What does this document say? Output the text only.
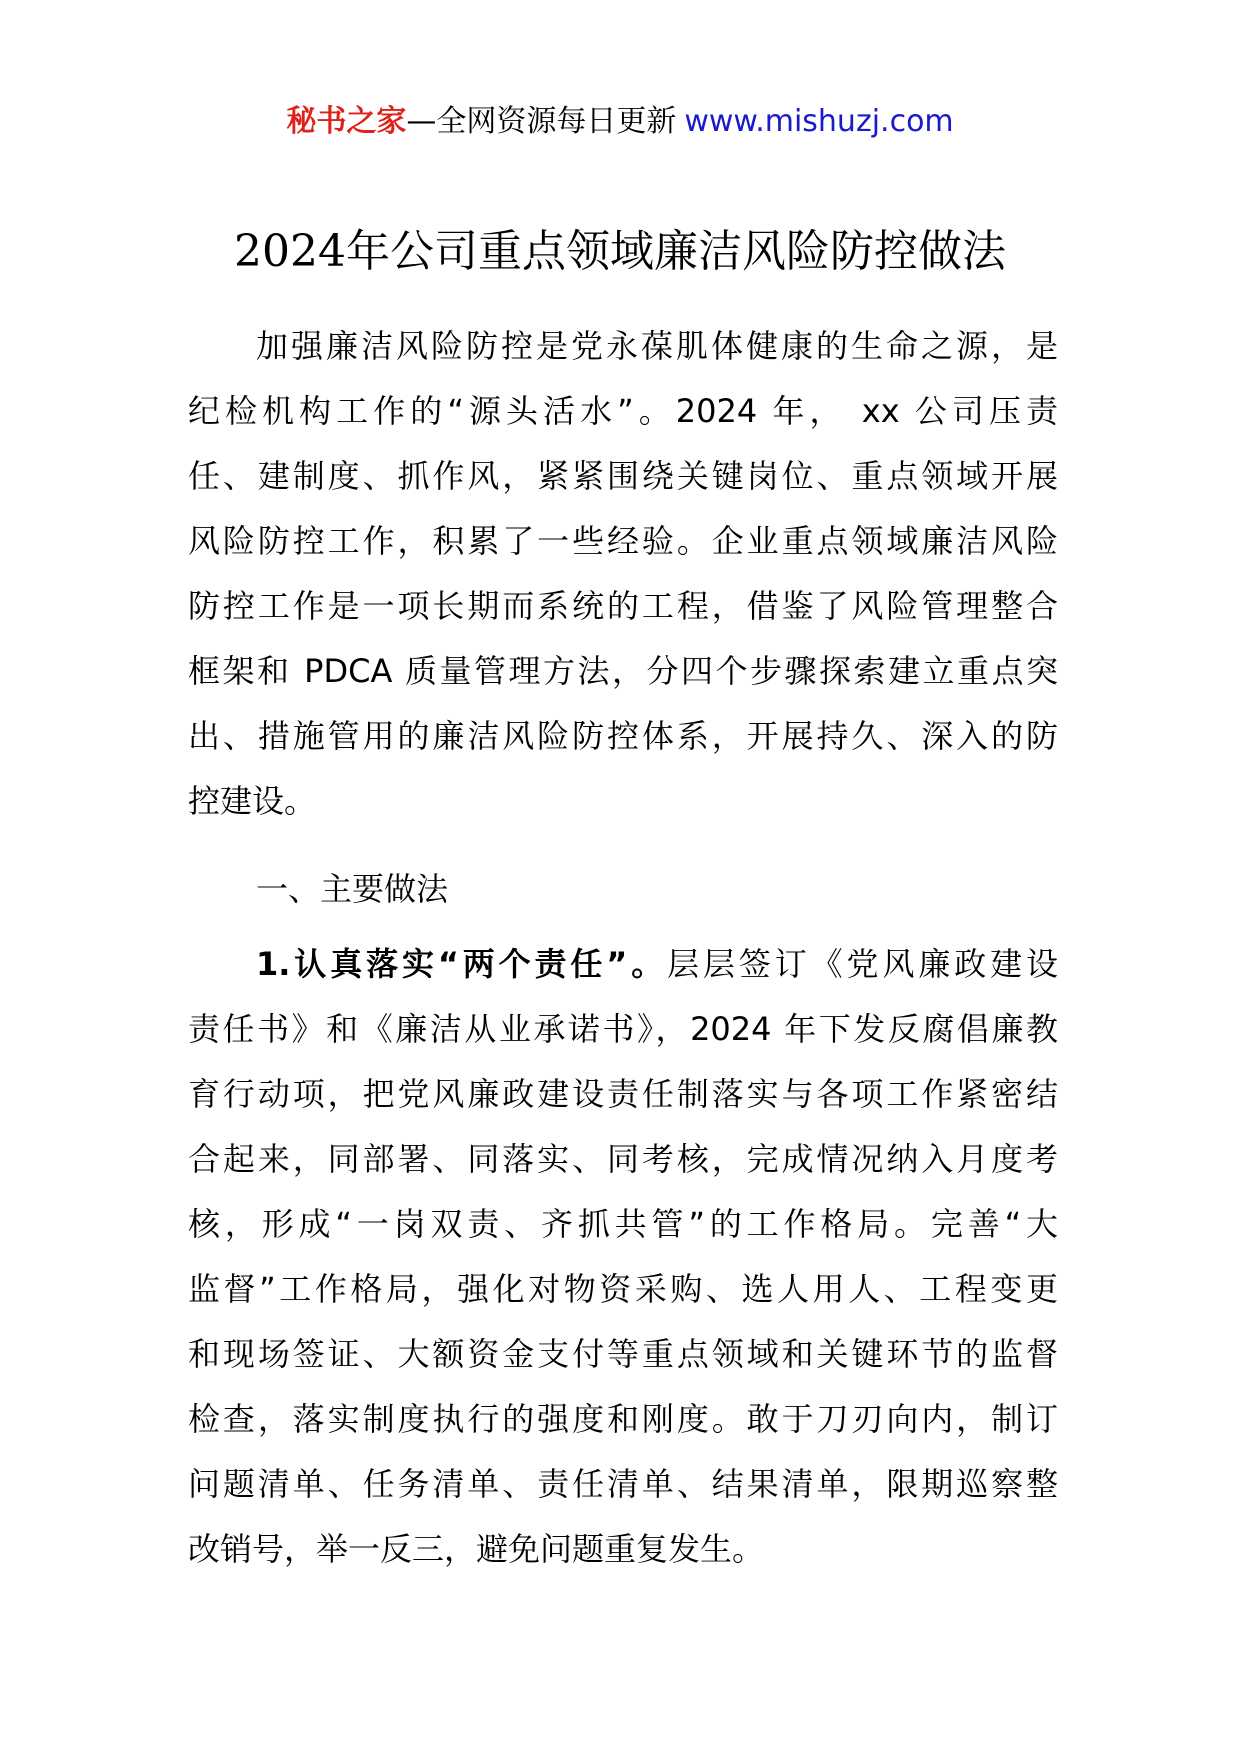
秘书之家—全网资源每日更新 www.mishuzj.com
2024年公司重点领域廉洁风险防控做法
加强廉洁风险防控是党永葆肌体健康的生命之源，是
纪检机构工作的“源头活水”。2024 年， xx 公司压责
任、建制度、抓作风，紧紧围绕关键岗位、重点领域开展
风险防控工作，积累了一些经验。企业重点领域廉洁风险
防控工作是一项长期而系统的工程，借鉴了风险管理整合
框架和 PDCA 质量管理方法，分四个步骤探索建立重点突
出、措施管用的廉洁风险防控体系，开展持久、深入的防
控建设。
一、主要做法
1.认真落实“两个责任”。层层签订《党风廉政建设
责任书》和《廉洁从业承诺书》，2024 年下发反腐倡廉教
育行动项，把党风廉政建设责任制落实与各项工作紧密结
合起来，同部署、同落实、同考核，完成情况纳入月度考
核，形成“一岗双责、齐抓共管”的工作格局。完善“大
监督”工作格局，强化对物资采购、选人用人、工程变更
和现场签证、大额资金支付等重点领域和关键环节的监督
检查，落实制度执行的强度和刚度。敢于刀刃向内，制订
问题清单、任务清单、责任清单、结果清单，限期巡察整
改销号，举一反三，避免问题重复发生。
